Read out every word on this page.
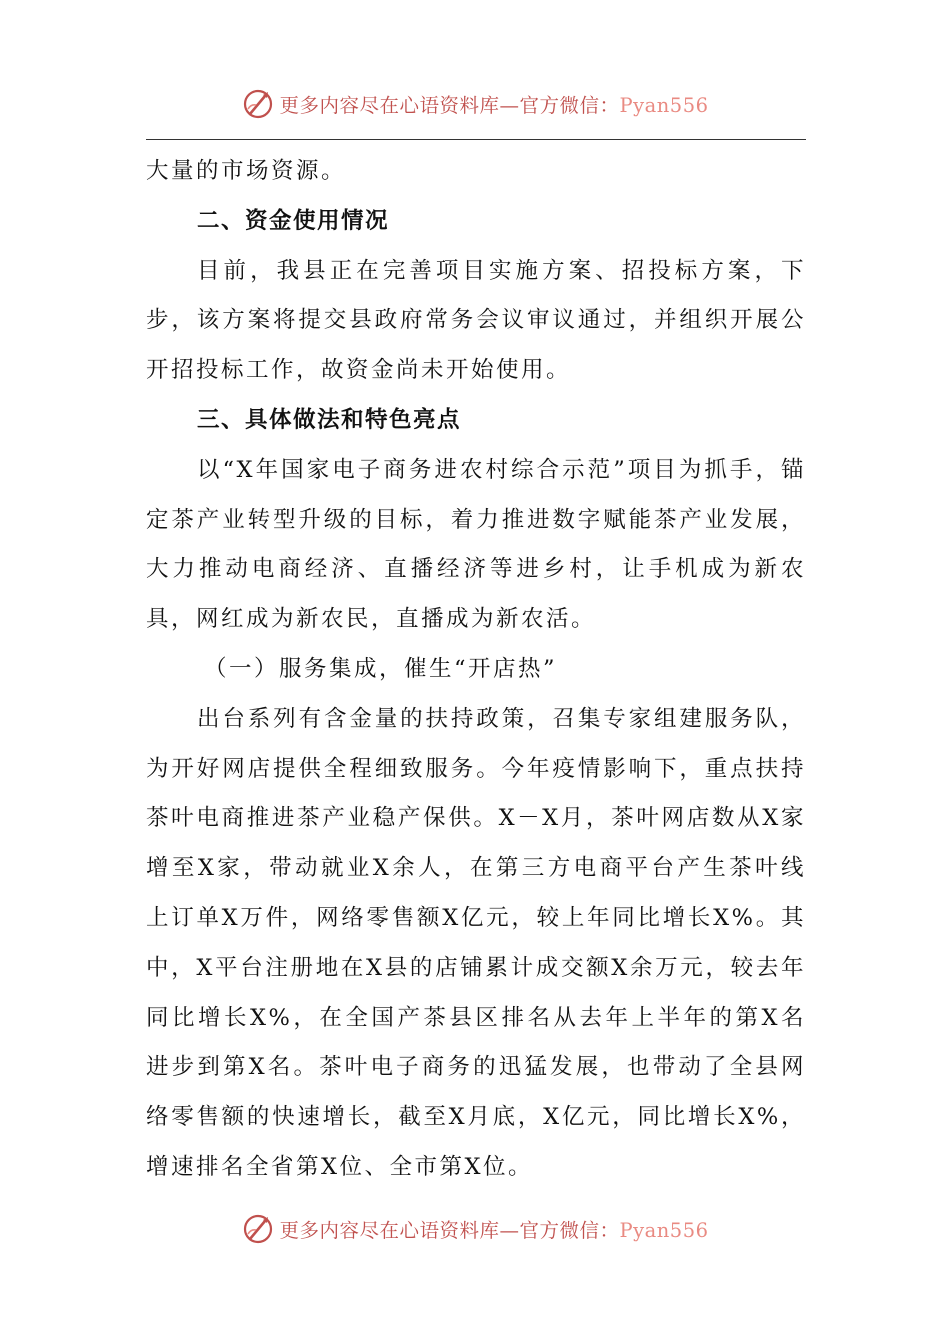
更多内容尽在心语资料库—官方微信：Pyan556

大量的市场资源。

二、资金使用情况

目前，我县正在完善项目实施方案、招投标方案，下步，该方案将提交县政府常务会议审议通过，并组织开展公开招投标工作，故资金尚未开始使用。

三、具体做法和特色亮点

以“X年国家电子商务进农村综合示范”项目为抓手，锚定茶产业转型升级的目标，着力推进数字赋能茶产业发展，大力推动电商经济、直播经济等进乡村，让手机成为新农具，网红成为新农民，直播成为新农活。

（一）服务集成，催生“开店热”

出台系列有含金量的扶持政策，召集专家组建服务队，为开好网店提供全程细致服务。今年疫情影响下，重点扶持茶叶电商推进茶产业稳产保供。X－X月，茶叶网店数从X家增至X家，带动就业X余人，在第三方电商平台产生茶叶线上订单X万件，网络零售额X亿元，较上年同比增长X%。其中，X平台注册地在X县的店铺累计成交额X余万元，较去年同比增长X%，在全国产茶县区排名从去年上半年的第X名进步到第X名。茶叶电子商务的迅猛发展，也带动了全县网络零售额的快速增长，截至X月底，X亿元，同比增长X%，增速排名全省第X位、全市第X位。

更多内容尽在心语资料库—官方微信：Pyan556
